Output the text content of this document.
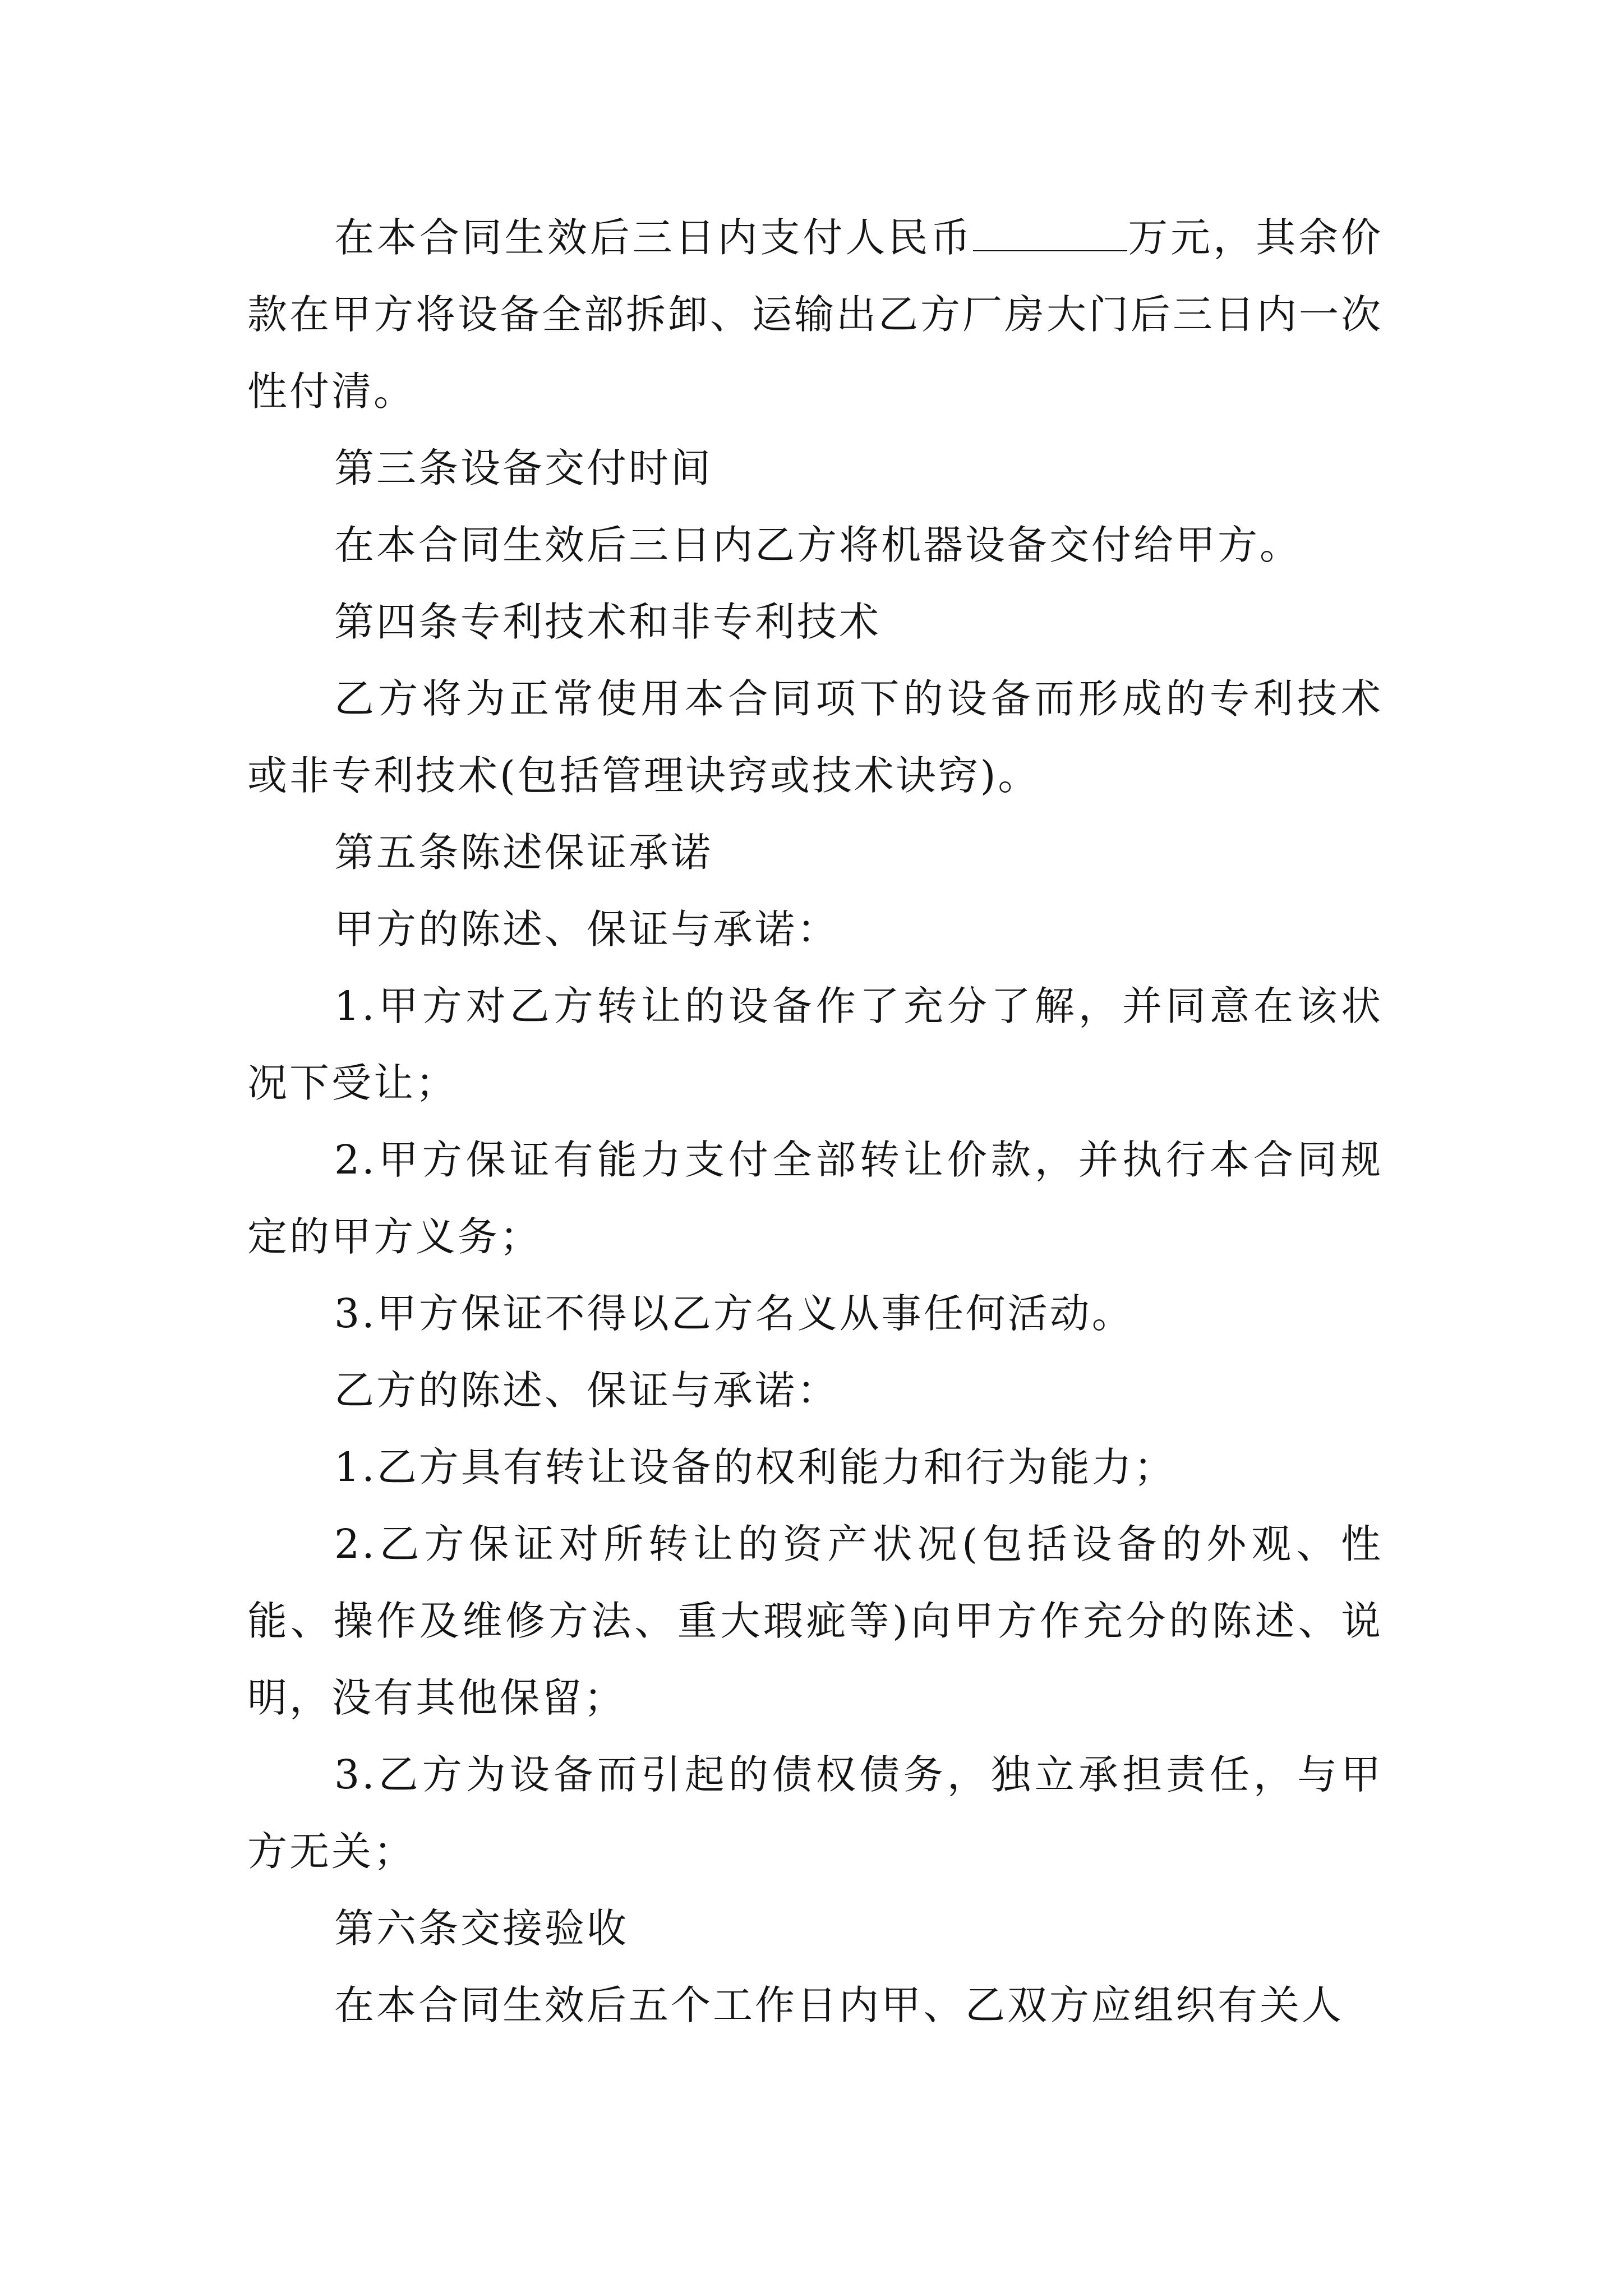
在本合同生效后三日内支付人民币	万元，其余价款在甲方将设备全部拆卸、运输出乙方厂房大门后三日内一次性付清。

第三条设备交付时间

在本合同生效后三日内乙方将机器设备交付给甲方。

第四条专利技术和非专利技术

乙方将为正常使用本合同项下的设备而形成的专利技术或非专利技术(包括管理诀窍或技术诀窍)。

第五条陈述保证承诺

甲方的陈述、保证与承诺：

1.甲方对乙方转让的设备作了充分了解，并同意在该状况下受让；

2.甲方保证有能力支付全部转让价款，并执行本合同规定的甲方义务；

3.甲方保证不得以乙方名义从事任何活动。

乙方的陈述、保证与承诺：

1.乙方具有转让设备的权利能力和行为能力；

2.乙方保证对所转让的资产状况(包括设备的外观、性能、操作及维修方法、重大瑕疵等)向甲方作充分的陈述、说明，没有其他保留；

3.乙方为设备而引起的债权债务，独立承担责任，与甲方无关；

第六条交接验收

在本合同生效后五个工作日内甲、乙双方应组织有关人
